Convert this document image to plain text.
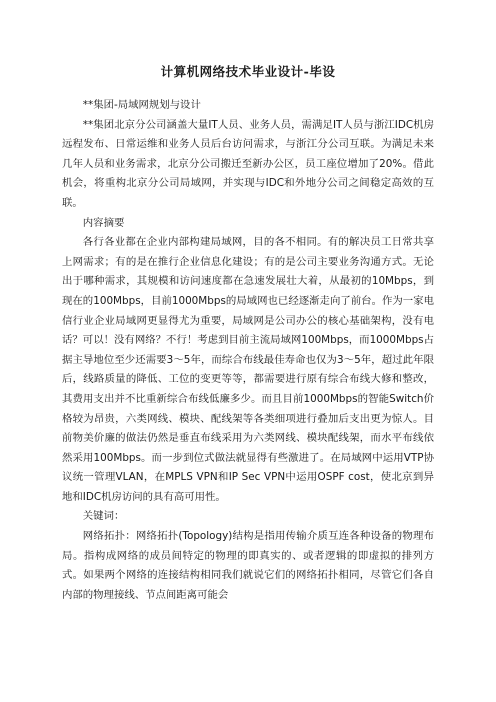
计算机网络技术毕业设计-毕设

**集团-局域网规划与设计

**集团北京分公司涵盖大量IT人员、业务人员，需满足IT人员与浙江IDC机房远程发布、日常运维和业务人员后台访问需求，与浙江分公司互联。为满足未来几年人员和业务需求，北京分公司搬迁至新办公区，员工座位增加了20%。借此机会，将重构北京分公司局域网，并实现与IDC和外地分公司之间稳定高效的互联。

内容摘要

各行各业都在企业内部构建局域网，目的各不相同。有的解决员工日常共享上网需求；有的是在推行企业信息化建设；有的是公司主要业务沟通方式。无论出于哪种需求，其规模和访问速度都在急速发展壮大着，从最初的10Mbps，到现在的100Mbps，目前1000Mbps的局域网也已经逐渐走向了前台。作为一家电信行业企业局域网更显得尤为重要，局域网是公司办公的核心基础架构，没有电话？可以！没有网络？不行！考虑到目前主流局域网100Mbps，而1000Mbps占据主导地位至少还需要3～5年，而综合布线最佳寿命也仅为3～5年，超过此年限后，线路质量的降低、工位的变更等等，都需要进行原有综合布线大修和整改，其费用支出并不比重新综合布线低廉多少。而且目前1000Mbps的智能Switch价格较为昂贵，六类网线、模块、配线架等各类细项进行叠加后支出更为惊人。目前物美价廉的做法仍然是垂直布线采用为六类网线、模块配线架，而水平布线依然采用100Mbps。而一步到位式做法就显得有些激进了。在局域网中运用VTP协议统一管理VLAN，在MPLS VPN和IP Sec VPN中运用OSPF cost，使北京到异地和IDC机房访问的具有高可用性。

关键词：

网络拓扑：网络拓扑(Topology)结构是指用传输介质互连各种设备的物理布局。指构成网络的成员间特定的物理的即真实的、或者逻辑的即虚拟的排列方式。如果两个网络的连接结构相同我们就说它们的网络拓扑相同，尽管它们各自内部的物理接线、节点间距离可能会
